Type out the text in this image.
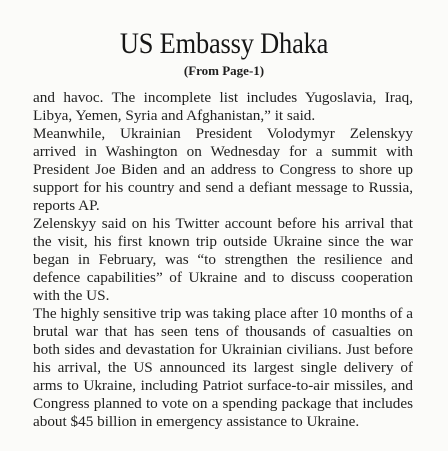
US Embassy Dhaka
(From Page-1)

and havoc. The incomplete list includes Yugoslavia, Iraq, Libya, Yemen, Syria and Afghanistan,” it said.

Meanwhile, Ukrainian President Volodymyr Zelenskyy arrived in Washington on Wednesday for a summit with President Joe Biden and an address to Congress to shore up support for his country and send a defiant message to Russia, reports AP.

Zelenskyy said on his Twitter account before his arrival that the visit, his first known trip outside Ukraine since the war began in February, was “to strengthen the resilience and defence capabilities” of Ukraine and to discuss cooperation with the US.

The highly sensitive trip was taking place after 10 months of a brutal war that has seen tens of thousands of casualties on both sides and devastation for Ukrainian civilians. Just before his arrival, the US announced its largest single delivery of arms to Ukraine, including Patriot surface-to-air missiles, and Congress planned to vote on a spending package that includes about $45 billion in emergency assistance to Ukraine.
